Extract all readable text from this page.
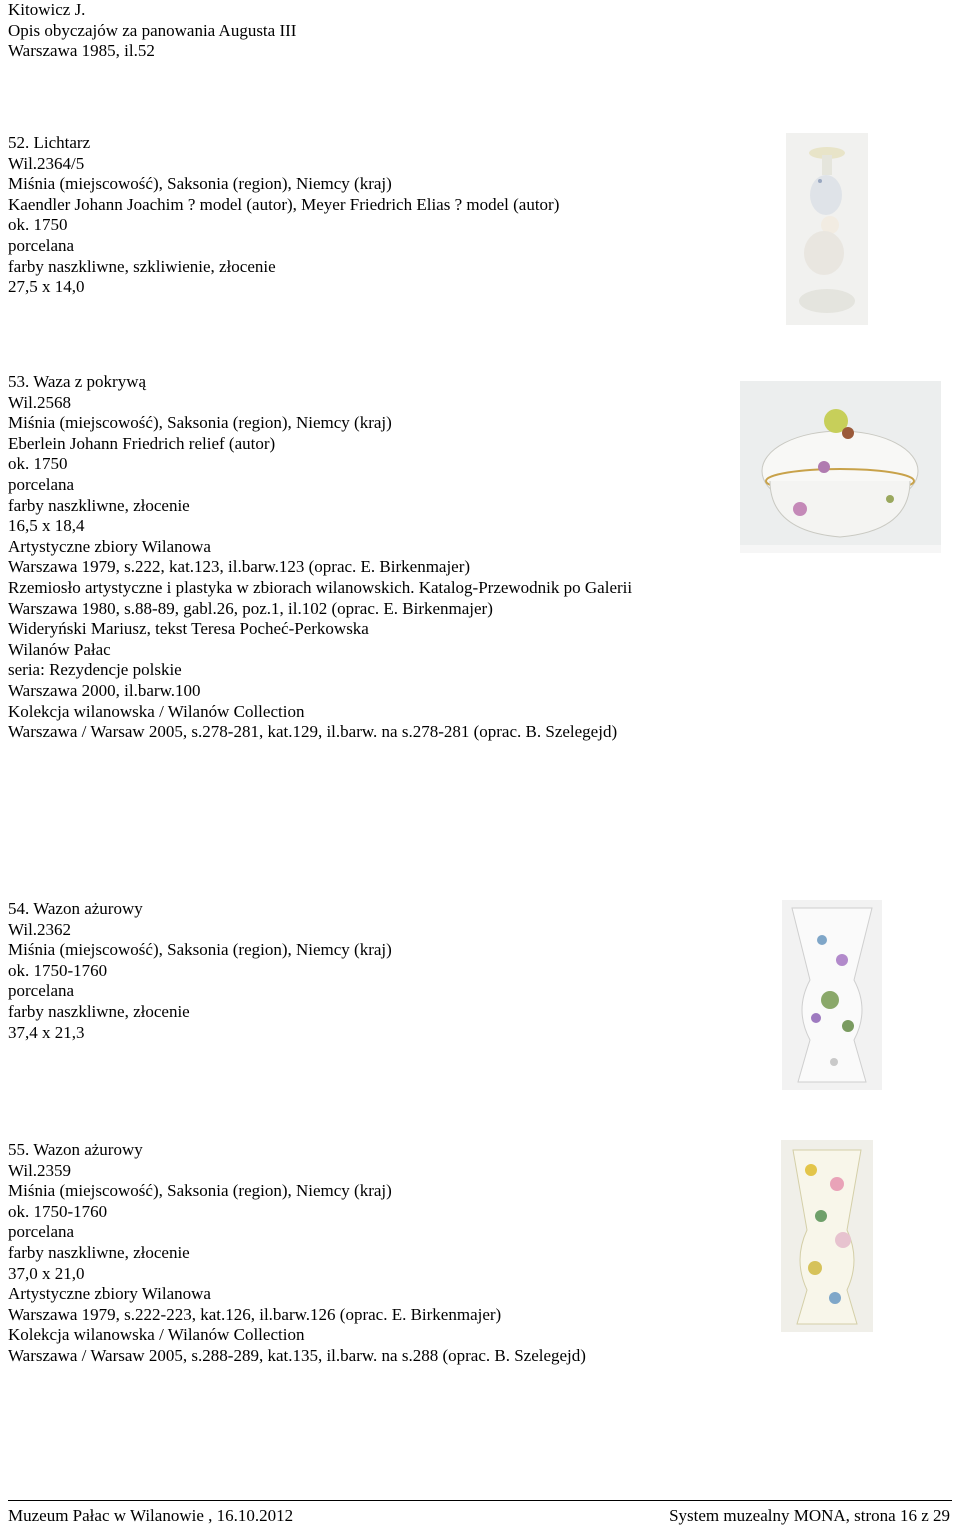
Kitowicz J.
Opis obyczajów za panowania Augusta III
Warszawa 1985, il.52
52. Lichtarz
Wil.2364/5
Miśnia (miejscowość), Saksonia (region), Niemcy (kraj)
Kaendler Johann Joachim ? model (autor), Meyer Friedrich Elias ? model (autor)
ok. 1750
porcelana
farby naszkliwne, szkliwienie, złocenie
27,5 x 14,0
53. Waza z pokrywą
Wil.2568
Miśnia (miejscowość), Saksonia (region), Niemcy (kraj)
Eberlein Johann Friedrich relief (autor)
ok. 1750
porcelana
farby naszkliwne, złocenie
16,5 x 18,4
Artystyczne zbiory Wilanowa
Warszawa 1979, s.222, kat.123, il.barw.123 (oprac. E. Birkenmajer)
Rzemiosło artystyczne i plastyka w zbiorach wilanowskich. Katalog-Przewodnik po Galerii
Warszawa 1980, s.88-89, gabl.26, poz.1, il.102 (oprac. E. Birkenmajer)
Wideryński Mariusz, tekst Teresa Pocheć-Perkowska
Wilanów Pałac
seria: Rezydencje polskie
Warszawa 2000, il.barw.100
Kolekcja wilanowska / Wilanów Collection
Warszawa / Warsaw 2005, s.278-281, kat.129, il.barw. na s.278-281 (oprac. B. Szelegejd)
54. Wazon ażurowy
Wil.2362
Miśnia (miejscowość), Saksonia (region), Niemcy (kraj)
ok. 1750-1760
porcelana
farby naszkliwne, złocenie
37,4 x 21,3
55. Wazon ażurowy
Wil.2359
Miśnia (miejscowość), Saksonia (region), Niemcy (kraj)
ok. 1750-1760
porcelana
farby naszkliwne, złocenie
37,0 x 21,0
Artystyczne zbiory Wilanowa
Warszawa 1979, s.222-223, kat.126, il.barw.126 (oprac. E. Birkenmajer)
Kolekcja wilanowska / Wilanów Collection
Warszawa / Warsaw 2005, s.288-289, kat.135, il.barw. na s.288 (oprac. B. Szelegejd)
Muzeum Pałac w Wilanowie , 16.10.2012	System muzealny MONA, strona 16 z 29
